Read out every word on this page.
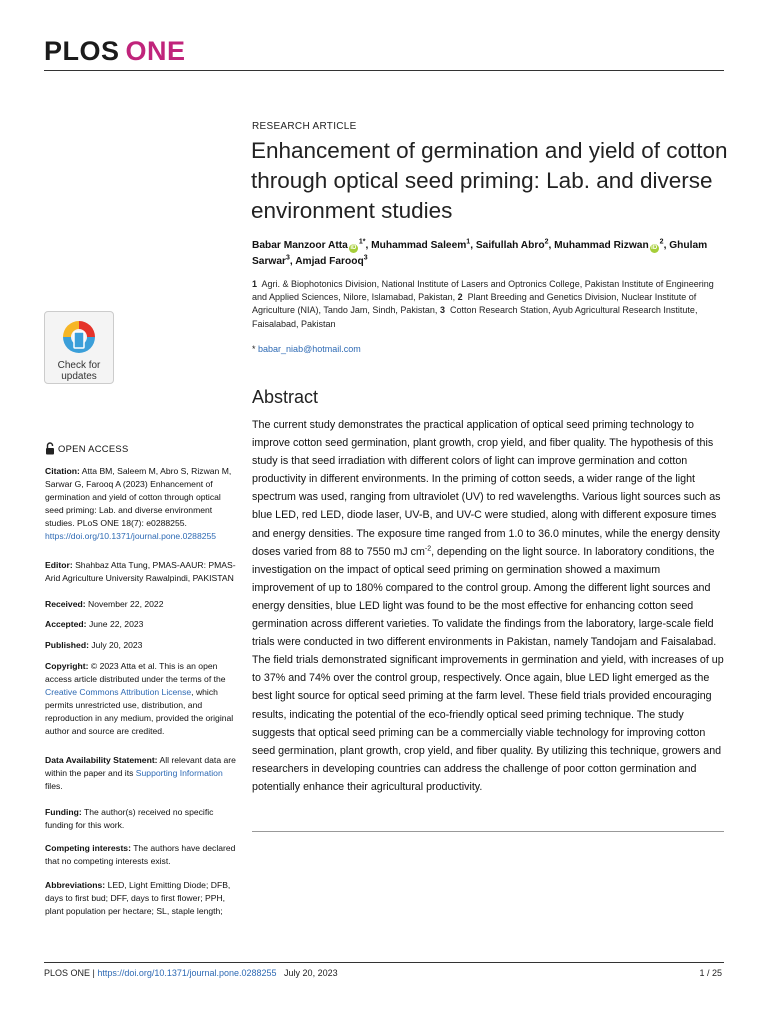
PLOS ONE
RESEARCH ARTICLE
Enhancement of germination and yield of cotton through optical seed priming: Lab. and diverse environment studies
Babar Manzoor Atta $iD^{1*}$, Muhammad Saleem$^1$, Saifullah Abro$^2$, Muhammad Rizwan $iD^2$, Ghulam Sarwar$^3$, Amjad Farooq$^3$
1 Agri. & Biophotonics Division, National Institute of Lasers and Optronics College, Pakistan Institute of Engineering and Applied Sciences, Nilore, Islamabad, Pakistan, 2 Plant Breeding and Genetics Division, Nuclear Institute of Agriculture (NIA), Tando Jam, Sindh, Pakistan, 3 Cotton Research Station, Ayub Agricultural Research Institute, Faisalabad, Pakistan
* babar_niab@hotmail.com
Check for
updates
OPEN ACCESS
Citation: Atta BM, Saleem M, Abro S, Rizwan M, Sarwar G, Farooq A (2023) Enhancement of germination and yield of cotton through optical seed priming: Lab. and diverse environment studies. PLoS ONE 18(7): e0288255. https://doi.org/10.1371/journal.pone.0288255
Editor: Shahbaz Atta Tung, PMAS-AAUR: PMAS-Arid Agriculture University Rawalpindi, PAKISTAN
Received: November 22, 2022
Accepted: June 22, 2023
Published: July 20, 2023
Copyright: © 2023 Atta et al. This is an open access article distributed under the terms of the Creative Commons Attribution License, which permits unrestricted use, distribution, and reproduction in any medium, provided the original author and source are credited.
Data Availability Statement: All relevant data are within the paper and its Supporting Information files.
Funding: The author(s) received no specific funding for this work.
Competing interests: The authors have declared that no competing interests exist.
Abbreviations: LED, Light Emitting Diode; DFB, days to first bud; DFF, days to first flower; PPH, plant population per hectare; SL, staple length;
Abstract
The current study demonstrates the practical application of optical seed priming technology to improve cotton seed germination, plant growth, crop yield, and fiber quality. The hypothesis of this study is that seed irradiation with different colors of light can improve germination and cotton productivity in different environments. In the priming of cotton seeds, a wider range of the light spectrum was used, ranging from ultraviolet (UV) to red wavelengths. Various light sources such as blue LED, red LED, diode laser, UV-B, and UV-C were studied, along with different exposure times and energy densities. The exposure time ranged from 1.0 to 36.0 minutes, while the energy density doses varied from 88 to 7550 mJ $cm^{-2}$, depending on the light source. In laboratory conditions, the investigation on the impact of optical seed priming on germination showed a maximum improvement of up to 180% compared to the control group. Among the different light sources and energy densities, blue LED light was found to be the most effective for enhancing cotton seed germination across different varieties. To validate the findings from the laboratory, large-scale field trials were conducted in two different environments in Pakistan, namely Tandojam and Faisalabad. The field trials demonstrated significant improvements in germination and yield, with increases of up to 37% and 74% over the control group, respectively. Once again, blue LED light emerged as the best light source for optical seed priming at the farm level. These field trials provided encouraging results, indicating the potential of the eco-friendly optical seed priming technique. The study suggests that optical seed priming can be a commercially viable technology for improving cotton seed germination, plant growth, crop yield, and fiber quality. By utilizing this technique, growers and researchers in developing countries can address the challenge of poor cotton germination and potentially enhance their agricultural productivity.
PLOS ONE | https://doi.org/10.1371/journal.pone.0288255 July 20, 2023	1 / 25
